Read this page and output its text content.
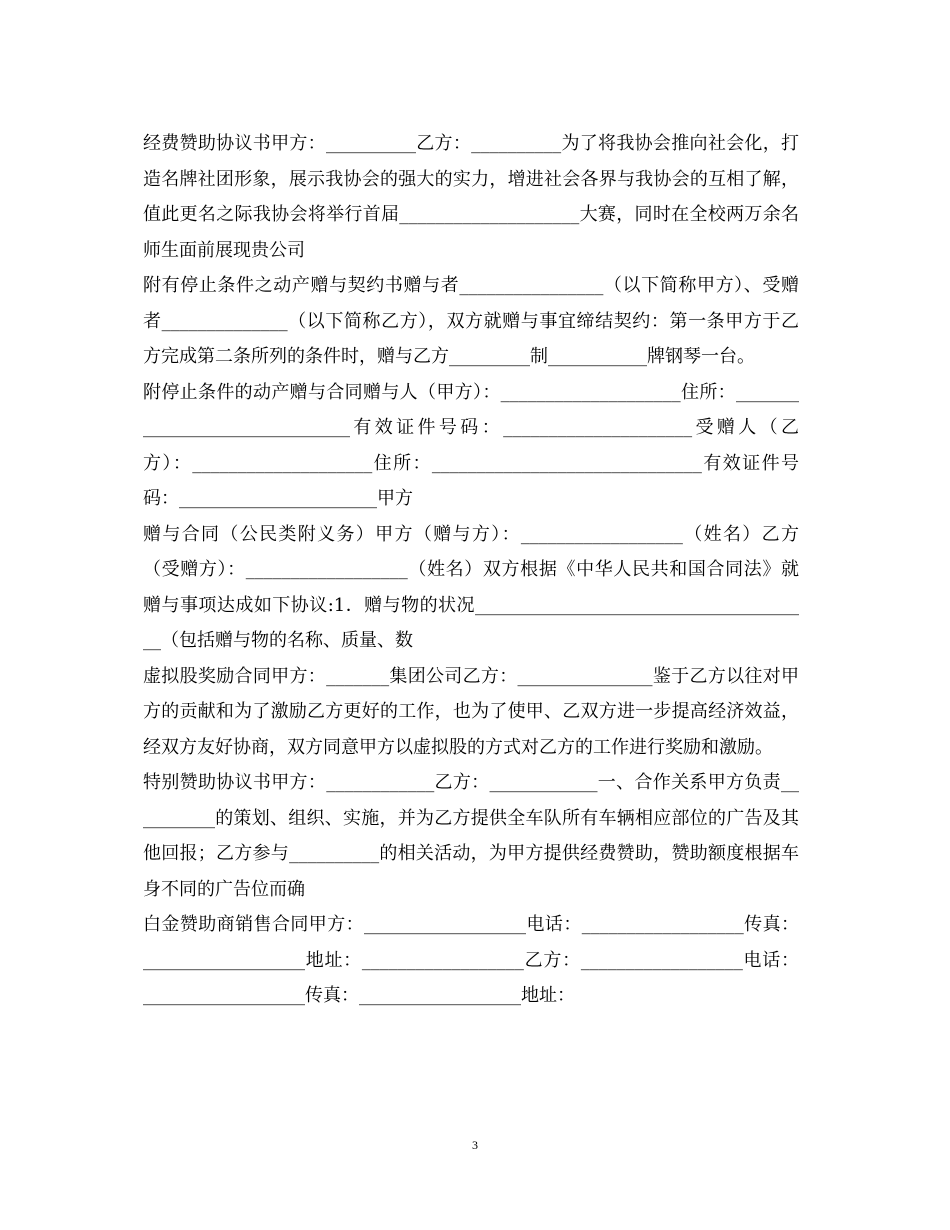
经费赞助协议书甲方：__________乙方：__________为了将我协会推向社会化，打造名牌社团形象，展示我协会的强大的实力，增进社会各界与我协会的互相了解，值此更名之际我协会将举行首届____________________大赛，同时在全校两万余名师生面前展现贵公司

附有停止条件之动产赠与契约书赠与者________________（以下简称甲方）、受赠者______________（以下简称乙方），双方就赠与事宜缔结契约：第一条甲方于乙方完成第二条所列的条件时，赠与乙方_________制___________牌钢琴一台。

附停止条件的动产赠与合同赠与人（甲方）：____________________住所：______________________________有效证件号码：_____________________受赠人（乙方）：____________________住所：______________________________有效证件号码：______________________甲方

赠与合同（公民类附义务）甲方（赠与方）：__________________（姓名）乙方（受赠方）：__________________（姓名）双方根据《中华人民共和国合同法》就赠与事项达成如下协议:1．赠与物的状况______________________________________（包括赠与物的名称、质量、数

虚拟股奖励合同甲方：_______集团公司乙方：_______________鉴于乙方以往对甲方的贡献和为了激励乙方更好的工作，也为了使甲、乙双方进一步提高经济效益，经双方友好协商，双方同意甲方以虚拟股的方式对乙方的工作进行奖励和激励。

特别赞助协议书甲方：____________乙方：____________一、合作关系甲方负责__________的策划、组织、实施，并为乙方提供全车队所有车辆相应部位的广告及其他回报；乙方参与__________的相关活动，为甲方提供经费赞助，赞助额度根据车身不同的广告位而确

白金赞助商销售合同甲方：__________________电话：__________________传真：__________________地址：__________________乙方：__________________电话：__________________传真：__________________地址：

3
